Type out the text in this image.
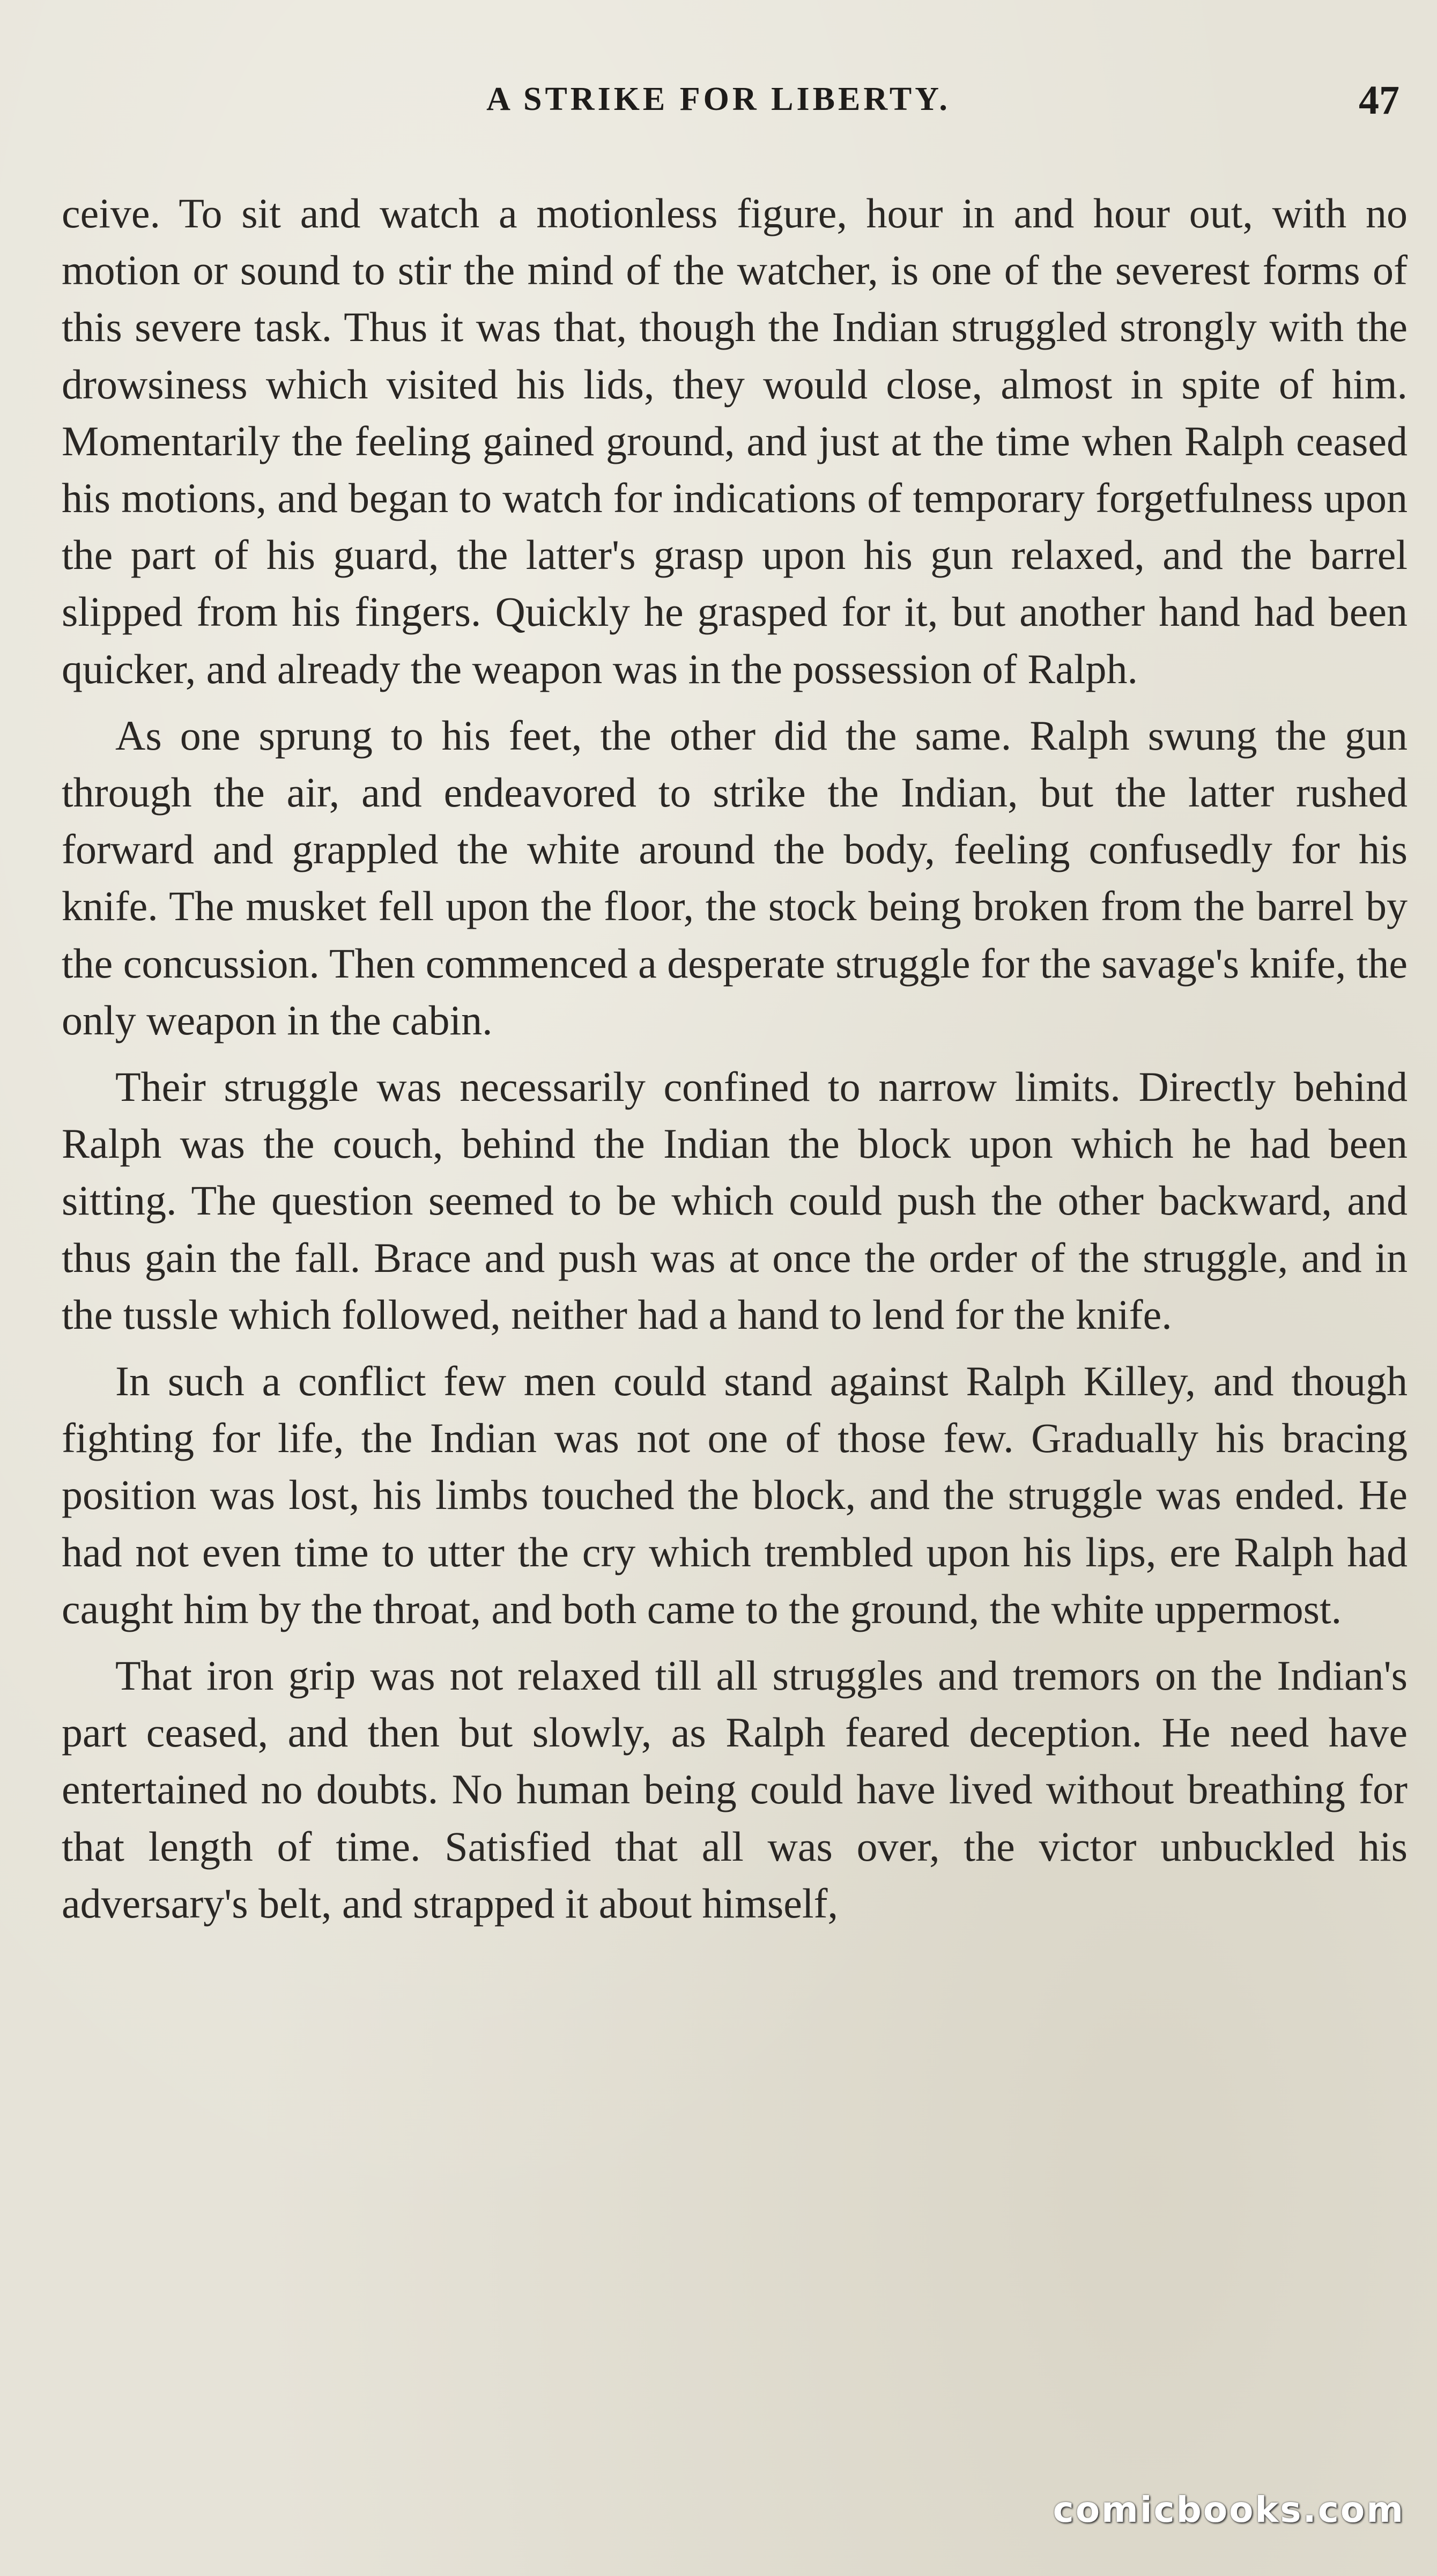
A STRIKE FOR LIBERTY.	47

ceive. To sit and watch a motionless figure, hour in and hour out, with no motion or sound to stir the mind of the watcher, is one of the severest forms of this severe task. Thus it was that, though the Indian struggled strongly with the drowsiness which visited his lids, they would close, almost in spite of him. Momentarily the feeling gained ground, and just at the time when Ralph ceased his motions, and began to watch for indications of temporary forgetfulness upon the part of his guard, the latter's grasp upon his gun relaxed, and the barrel slipped from his fingers. Quickly he grasped for it, but another hand had been quicker, and already the weapon was in the possession of Ralph.

As one sprung to his feet, the other did the same. Ralph swung the gun through the air, and endeavored to strike the Indian, but the latter rushed forward and grappled the white around the body, feeling confusedly for his knife. The musket fell upon the floor, the stock being broken from the barrel by the concussion. Then commenced a desperate struggle for the savage's knife, the only weapon in the cabin.

Their struggle was necessarily confined to narrow limits. Directly behind Ralph was the couch, behind the Indian the block upon which he had been sitting. The question seemed to be which could push the other backward, and thus gain the fall. Brace and push was at once the order of the struggle, and in the tussle which followed, neither had a hand to lend for the knife.

In such a conflict few men could stand against Ralph Killey, and though fighting for life, the Indian was not one of those few. Gradually his bracing position was lost, his limbs touched the block, and the struggle was ended. He had not even time to utter the cry which trembled upon his lips, ere Ralph had caught him by the throat, and both came to the ground, the white uppermost.

That iron grip was not relaxed till all struggles and tremors on the Indian's part ceased, and then but slowly, as Ralph feared deception. He need have entertained no doubts. No human being could have lived without breathing for that length of time. Satisfied that all was over, the victor unbuckled his adversary's belt, and strapped it about himself,

comicbooks.com
